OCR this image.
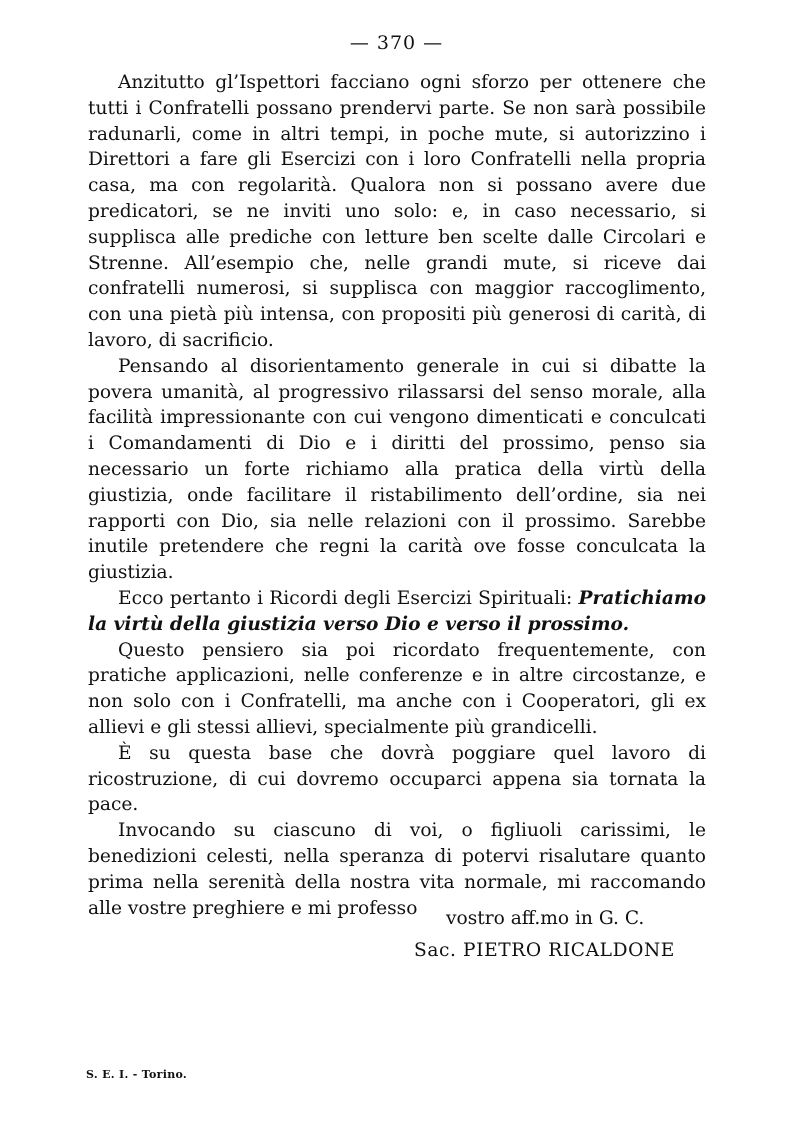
— 370 —

Anzitutto gl’Ispettori facciano ogni sforzo per ottenere che tutti i Confratelli possano prendervi parte. Se non sarà possibile radunarli, come in altri tempi, in poche mute, si autorizzino i Direttori a fare gli Esercizi con i loro Confratelli nella propria casa, ma con regolarità. Qualora non si possano avere due predicatori, se ne inviti uno solo: e, in caso necessario, si supplisca alle prediche con letture ben scelte dalle Circolari e Strenne. All’esempio che, nelle grandi mute, si riceve dai confratelli numerosi, si supplisca con maggior raccoglimento, con una pietà più intensa, con propositi più generosi di carità, di lavoro, di sacrificio.

Pensando al disorientamento generale in cui si dibatte la povera umanità, al progressivo rilassarsi del senso morale, alla facilità impressionante con cui vengono dimenticati e conculcati i Comandamenti di Dio e i diritti del prossimo, penso sia necessario un forte richiamo alla pratica della virtù della giustizia, onde facilitare il ristabilimento dell’ordine, sia nei rapporti con Dio, sia nelle relazioni con il prossimo. Sarebbe inutile pretendere che regni la carità ove fosse conculcata la giustizia.

Ecco pertanto i Ricordi degli Esercizi Spirituali: Pratichiamo la virtù della giustizia verso Dio e verso il prossimo.

Questo pensiero sia poi ricordato frequentemente, con pratiche applicazioni, nelle conferenze e in altre circostanze, e non solo con i Confratelli, ma anche con i Cooperatori, gli ex allievi e gli stessi allievi, specialmente più grandicelli.

È su questa base che dovrà poggiare quel lavoro di ricostruzione, di cui dovremo occuparci appena sia tornata la pace.

Invocando su ciascuno di voi, o figliuoli carissimi, le benedizioni celesti, nella speranza di potervi risalutare quanto prima nella serenità della nostra vita normale, mi raccomando alle vostre preghiere e mi professo	vostro aff.mo in G. C.
Sac. PIETRO RICALDONE
S. E. I. - Torino.
